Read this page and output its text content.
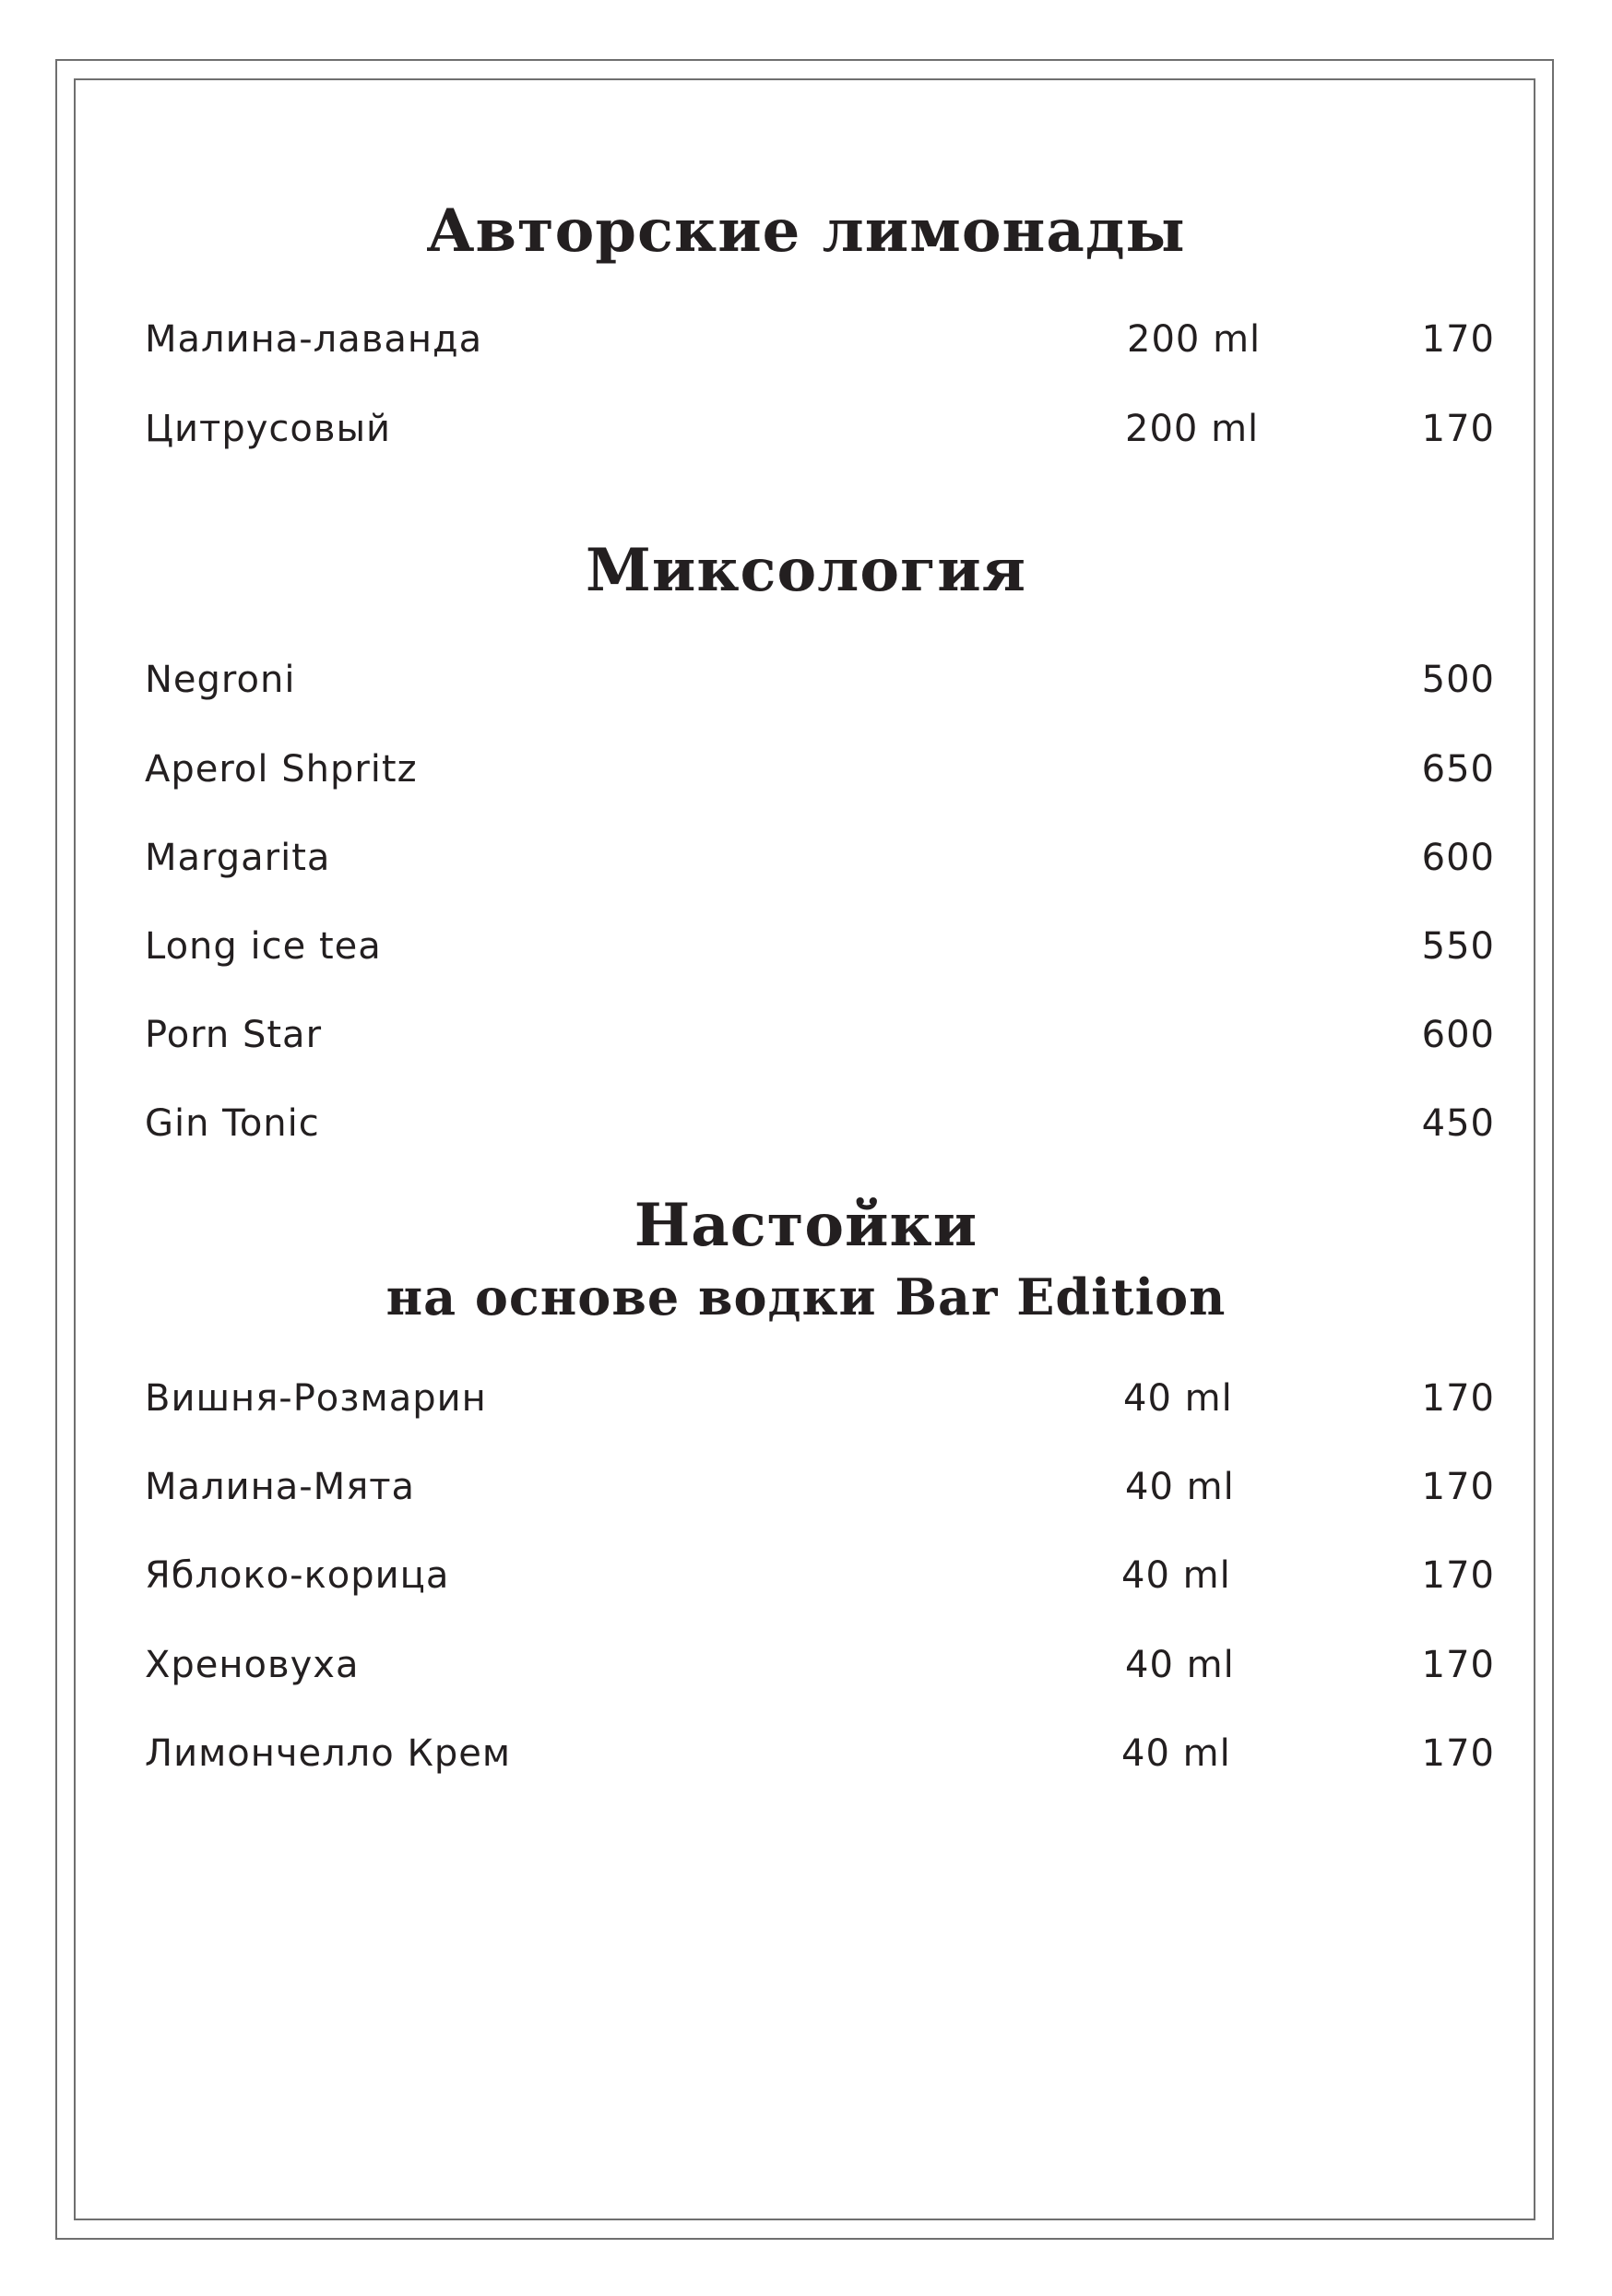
Авторские лимонады
Малина-лаванда	200 ml	170
Цитрусовый	200 ml	170
Миксология
Negroni	500
Aperol Shpritz	650
Margarita	600
Long ice tea	550
Porn Star	600
Gin Tonic	450
Настойки
на основе водки Bar Edition
Вишня-Розмарин	40 ml	170
Малина-Мята	40 ml	170
Яблоко-корица	40 ml	170
Хреновуха	40 ml	170
Лимончелло Крем	40 ml	170
